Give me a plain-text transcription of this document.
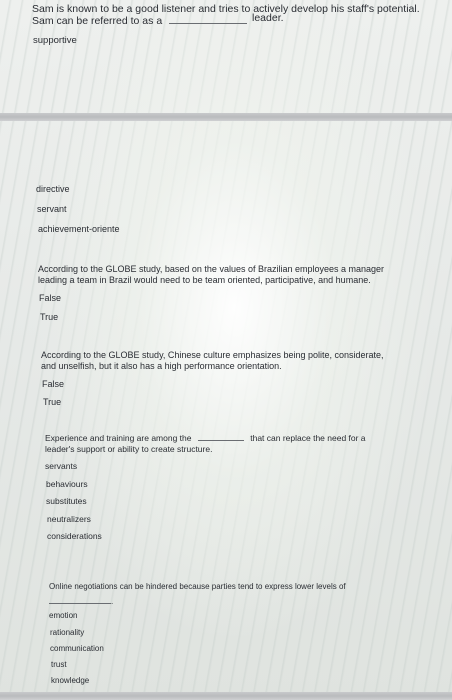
Sam is known to be a good listener and tries to actively develop his staff's potential.

Sam can be referred to as a	leader.

supportive
directive
servant
achievement-oriente

According to the GLOBE study, based on the values of Brazilian employees a manager

leading a team in Brazil would need to be team oriented, participative, and humane.

False
True

According to the GLOBE study, Chinese culture emphasizes being polite, considerate,

and unselfish, but it also has a high performance orientation.

False
True

Experience and training are among the	that can replace the need for a

leader's support or ability to create structure.

servants
behaviours
substitutes
neutralizers
considerations

Online negotiations can be hindered because parties tend to express lower levels of

.

emotion
rationality
communication
trust
knowledge
